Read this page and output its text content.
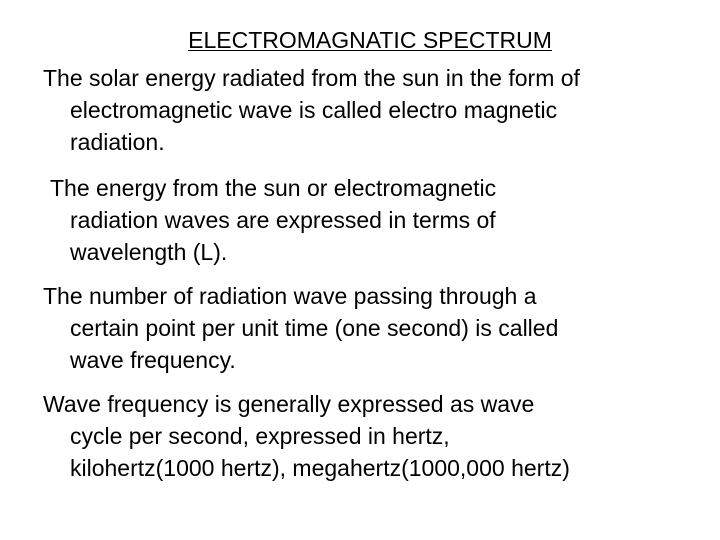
ELECTROMAGNATIC SPECTRUM

The solar energy radiated from the sun in the form of
electromagnetic wave is called electro magnetic
radiation.

The energy from the sun or electromagnetic
radiation waves are expressed in terms of
wavelength (L).

The number of radiation wave passing through a
certain point per unit time (one second) is called
wave frequency.

Wave frequency is generally expressed as wave
cycle per second, expressed in hertz,
kilohertz(1000 hertz), megahertz(1000,000 hertz)
